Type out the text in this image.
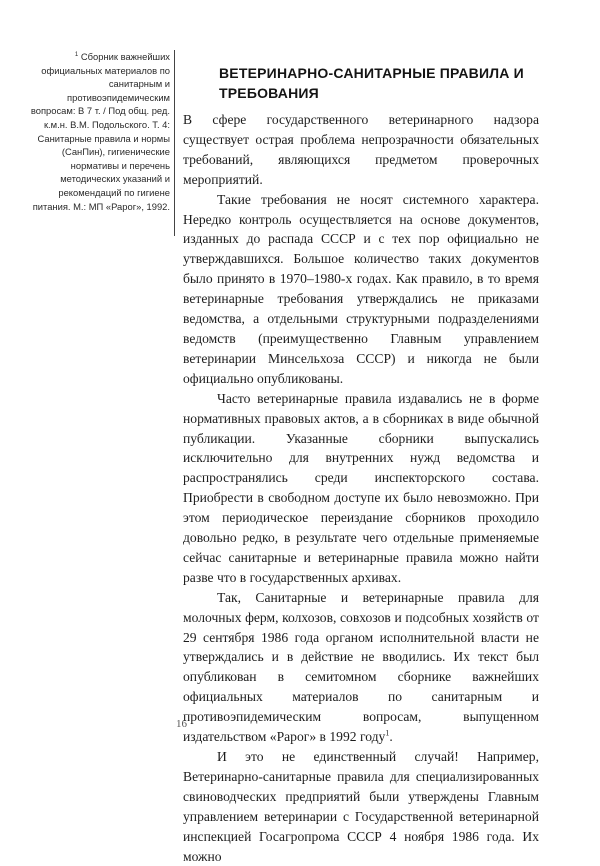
$^1$ Сборник важнейших официальных материалов по санитарным и противоэпидемическим вопросам: В 7 т. / Под общ. ред. к.м.н. В.М. Подольского. Т. 4: Санитарные правила и нормы (СанПин), гигиенические нормативы и перечень методических указаний и рекомендаций по гигиене питания. М.: МП «Рарог», 1992.
ВЕТЕРИНАРНО-САНИТАРНЫЕ ПРАВИЛА И ТРЕБОВАНИЯ

В сфере государственного ветеринарного надзора существует острая проблема непрозрачности обязательных требований, являющихся предметом проверочных мероприятий.

Такие требования не носят системного характера. Нередко контроль осуществляется на основе документов, изданных до распада СССР и с тех пор официально не утверждавшихся. Большое количество таких документов было принято в 1970–1980-х годах. Как правило, в то время ветеринарные требования утверждались не приказами ведомства, а отдельными структурными подразделениями ведомств (преимущественно Главным управлением ветеринарии Минсельхоза СССР) и никогда не были официально опубликованы.

Часто ветеринарные правила издавались не в форме нормативных правовых актов, а в сборниках в виде обычной публикации. Указанные сборники выпускались исключительно для внутренних нужд ведомства и распространялись среди инспекторского состава. Приобрести в свободном доступе их было невозможно. При этом периодическое переиздание сборников проходило довольно редко, в результате чего отдельные применяемые сейчас санитарные и ветеринарные правила можно найти разве что в государственных архивах.

Так, Санитарные и ветеринарные правила для молочных ферм, колхозов, совхозов и подсобных хозяйств от 29 сентября 1986 года органом исполнительной власти не утверждались и в действие не вводились. Их текст был опубликован в семитомном сборнике важнейших официальных материалов по санитарным и противоэпидемическим вопросам, выпущенном издательством «Рарог» в 1992 году$^1$.

И это не единственный случай! Например, Ветеринарно-санитарные правила для специализированных свиноводческих предприятий были утверждены Главным управлением ветеринарии с Государственной ветеринарной инспекцией Госагропрома СССР 4 ноября 1986 года. Их можно

16
